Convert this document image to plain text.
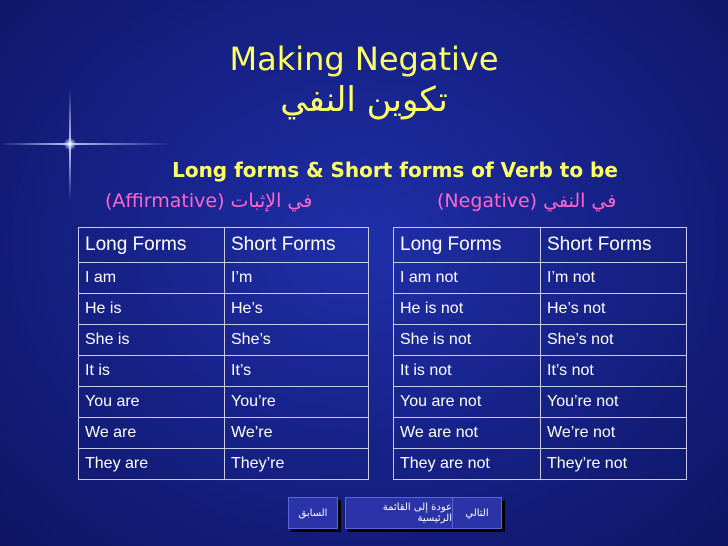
Making Negative
تكوين النفي
Long forms & Short forms of Verb to be
(Affirmative) في الإثبات	(Negative) في النفي
Long Forms	Short Forms
I am	I’m
He is	He’s
She is	She’s
It is	It’s
You are	You’re
We are	We’re
They are	They’re
Long Forms	Short Forms
I am not	I’m not
He is not	He’s not
She is not	She’s not
It is not	It’s not
You are not	You’re not
We are not	We’re not
They are not	They’re not
السابق	عودة إلى القائمة الرئيسية	التالي
